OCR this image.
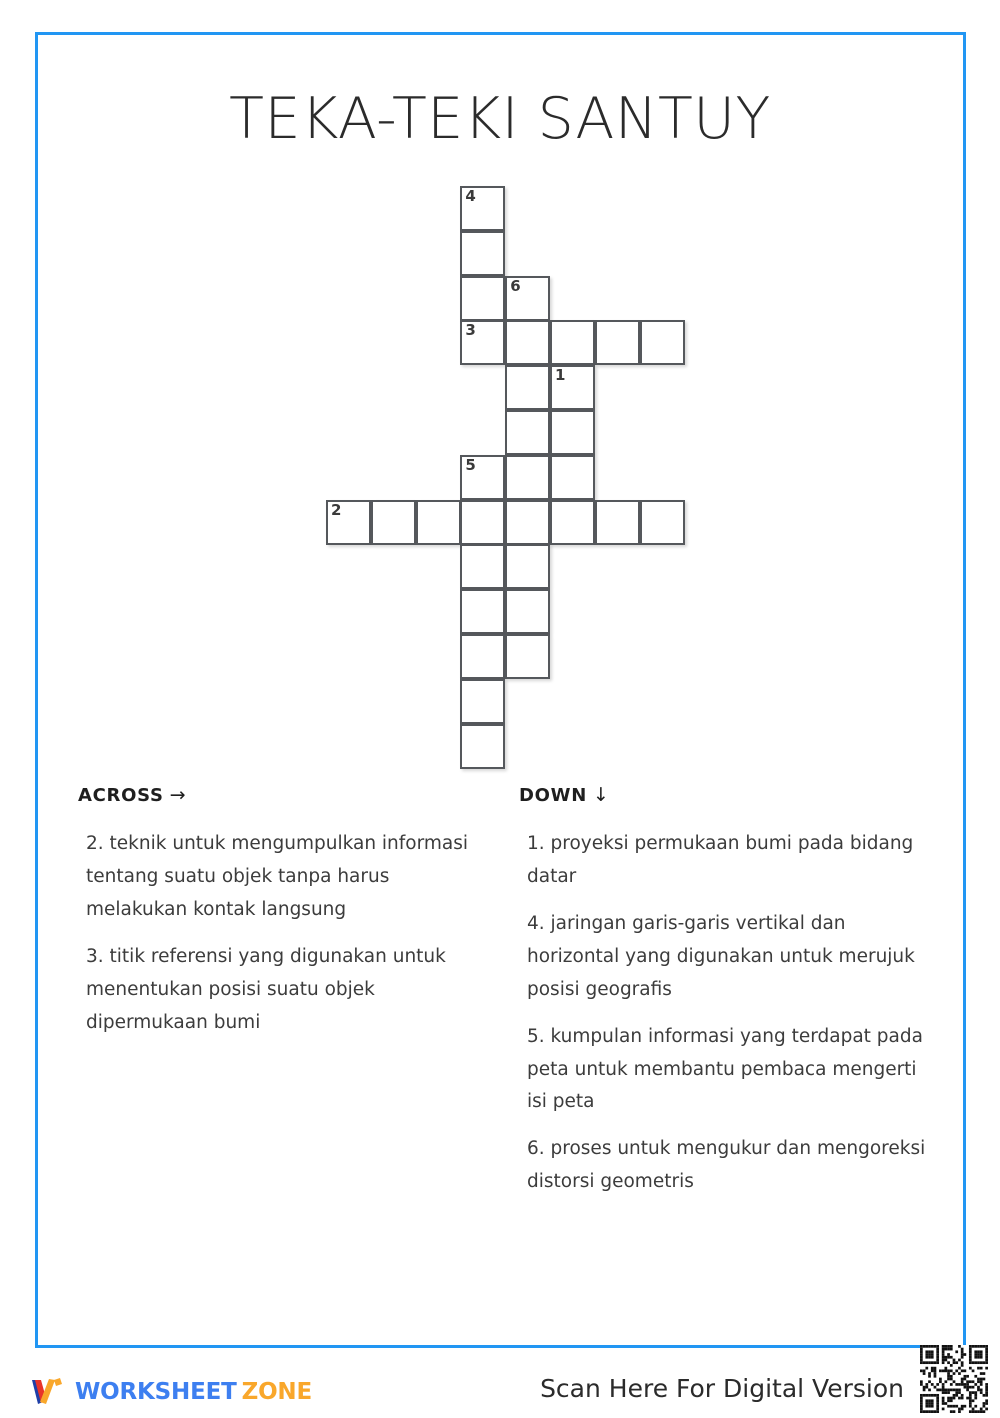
TEKA-TEKI SANTUY
4
6
3
1
5
2
ACROSS →

2. teknik untuk mengumpulkan informasi tentang suatu objek tanpa harus melakukan kontak langsung

3. titik referensi yang digunakan untuk menentukan posisi suatu objek dipermukaan bumi

DOWN ↓

1. proyeksi permukaan bumi pada bidang datar

4. jaringan garis-garis vertikal dan horizontal yang digunakan untuk merujuk posisi geografis

5. kumpulan informasi yang terdapat pada peta untuk membantu pembaca mengerti isi peta

6. proses untuk mengukur dan mengoreksi distorsi geometris

WORKSHEET ZONE	Scan Here For Digital Version
